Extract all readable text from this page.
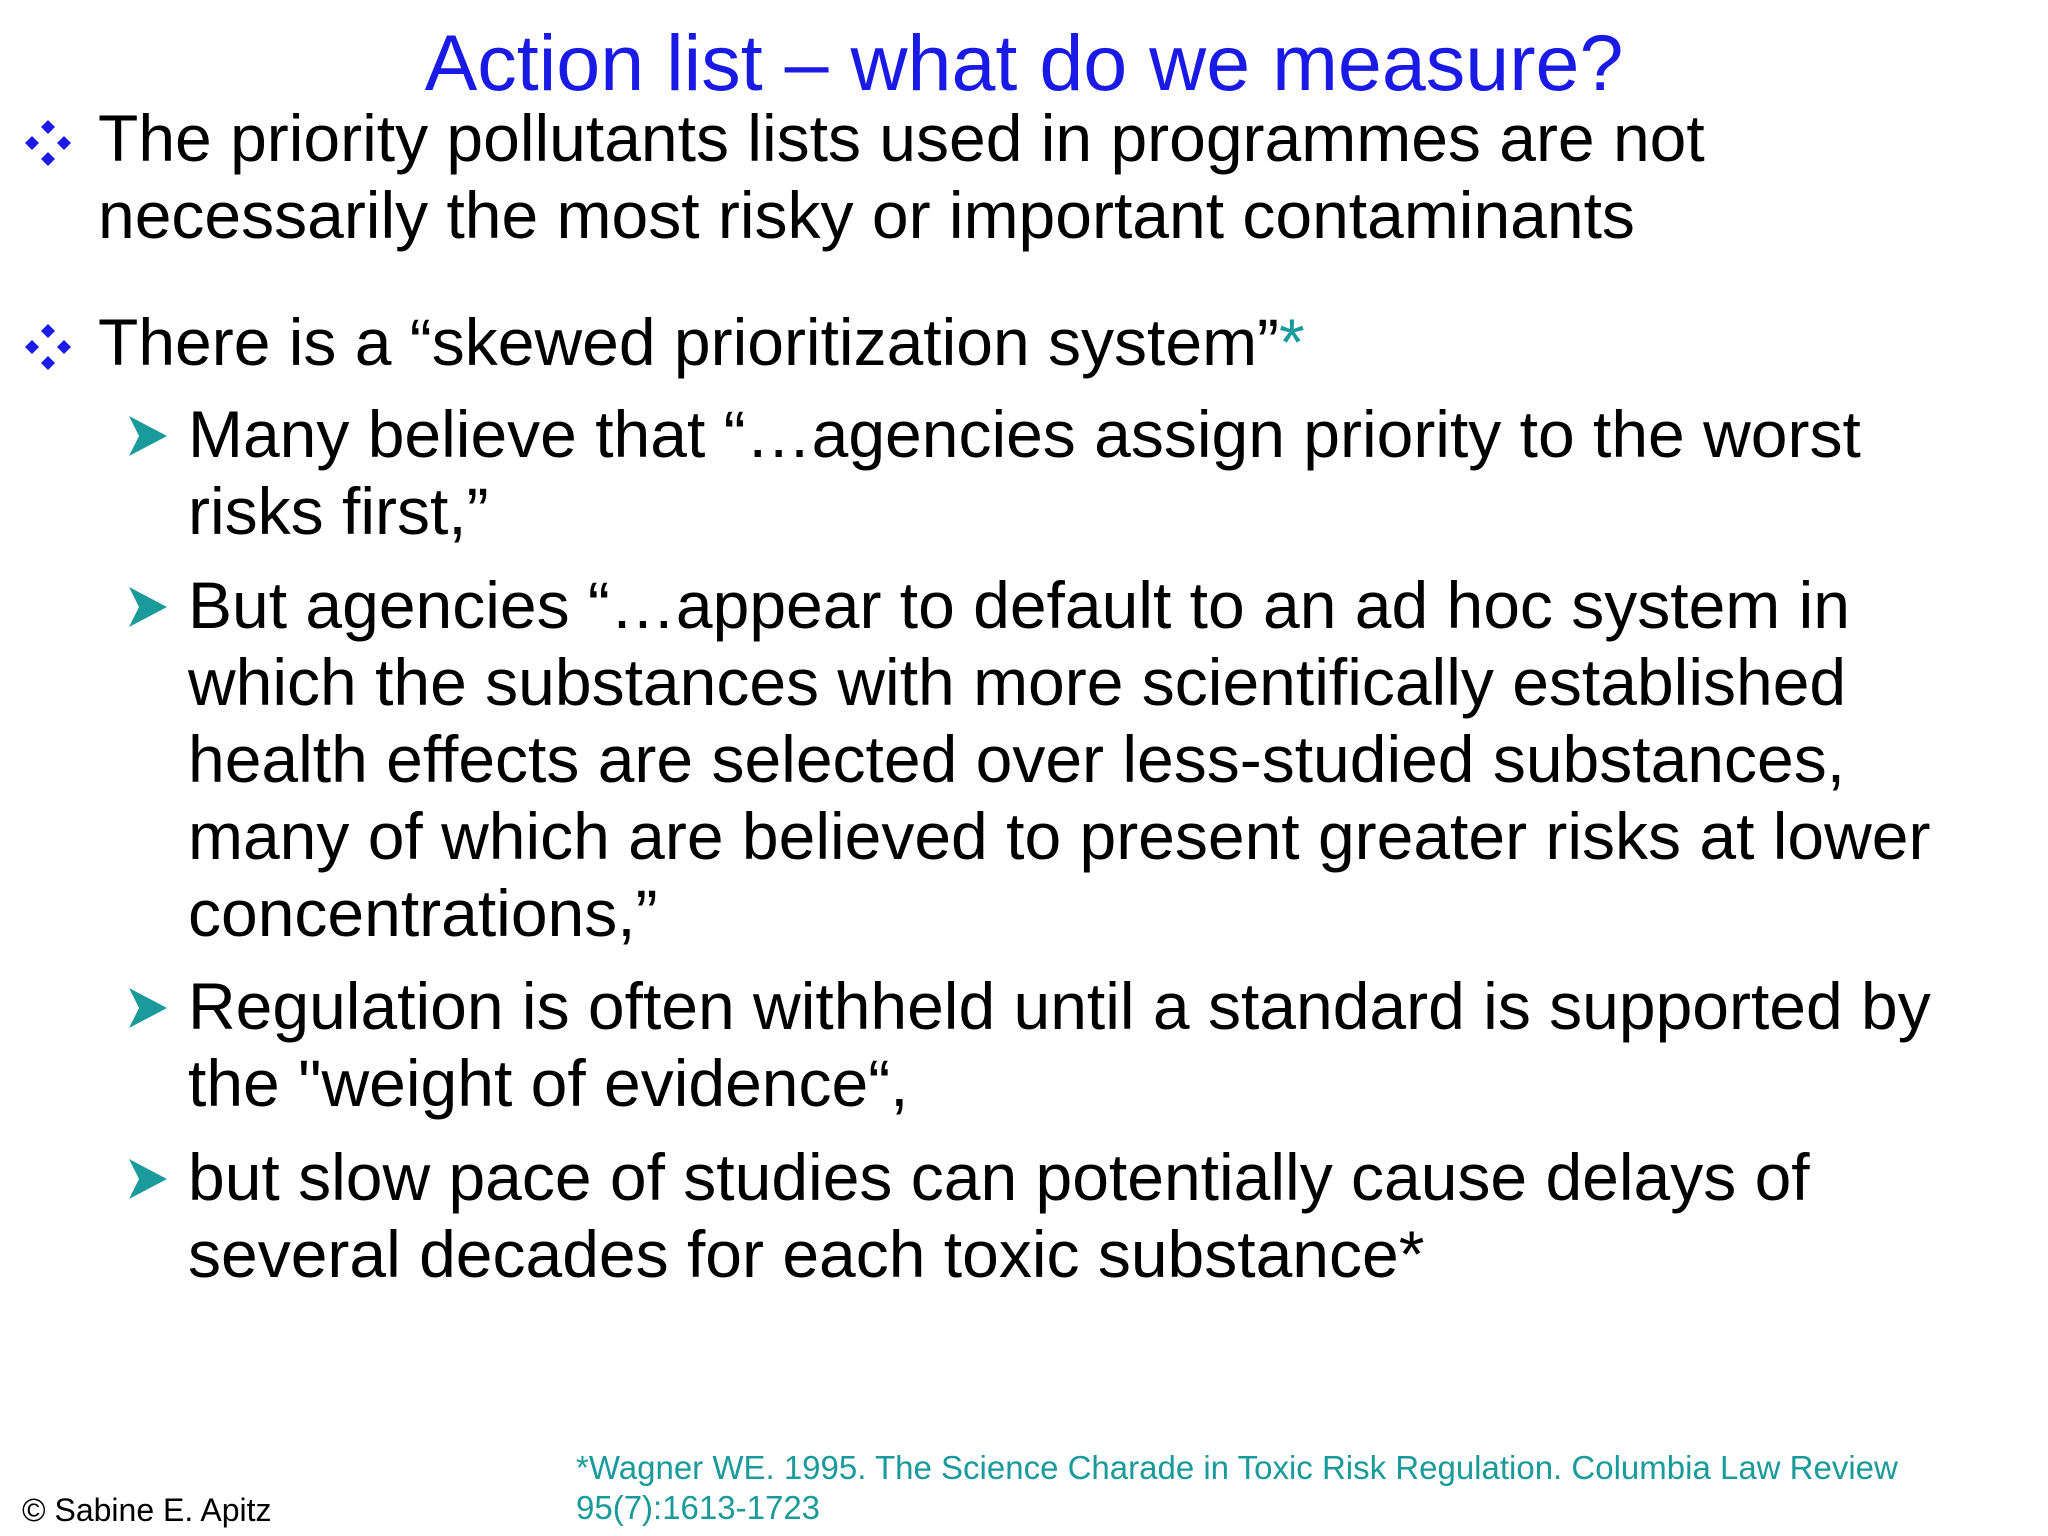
Action list – what do we measure?
The priority pollutants lists used in programmes are not
necessarily the most risky or important contaminants
There is a “skewed prioritization system”*
Many believe that “…agencies assign priority to the worst
risks first,”
But agencies “…appear to default to an ad hoc system in
which the substances with more scientifically established
health effects are selected over less-studied substances,
many of which are believed to present greater risks at lower
concentrations,”
Regulation is often withheld until a standard is supported by
the "weight of evidence“,
but slow pace of studies can potentially cause delays of
several decades for each toxic substance*
© Sabine E. Apitz
*Wagner WE. 1995. The Science Charade in Toxic Risk Regulation. Columbia Law Review
95(7):1613-1723
